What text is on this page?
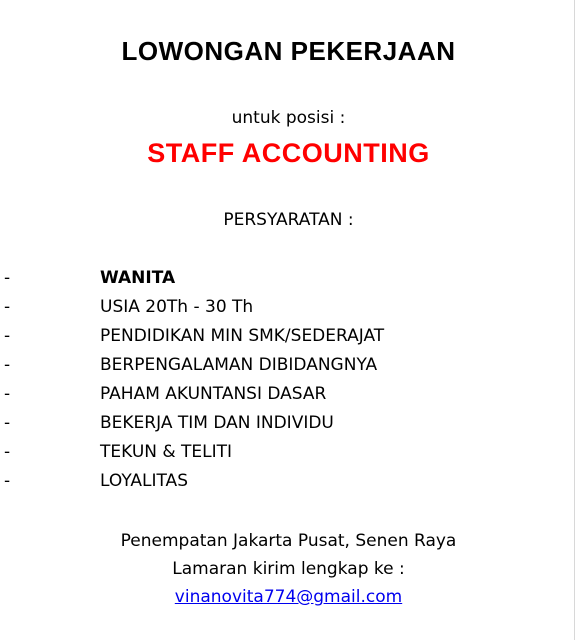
LOWONGAN PEKERJAAN
untuk posisi :
STAFF ACCOUNTING
PERSYARATAN :
-	WANITA
-	USIA 20Th - 30 Th
-	PENDIDIKAN MIN SMK/SEDERAJAT
-	BERPENGALAMAN DIBIDANGNYA
-	PAHAM AKUNTANSI DASAR
-	BEKERJA TIM DAN INDIVIDU
-	TEKUN & TELITI
-	LOYALITAS
Penempatan Jakarta Pusat, Senen Raya
Lamaran kirim lengkap ke :
vinanovita774@gmail.com
